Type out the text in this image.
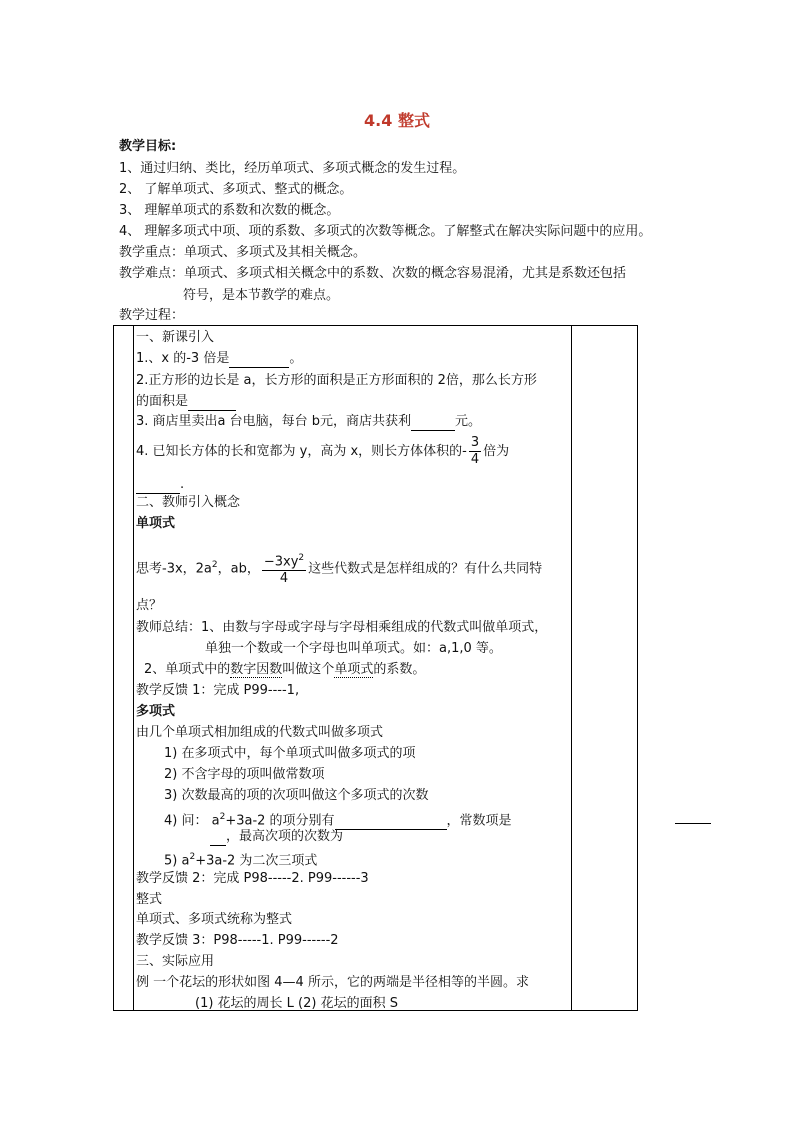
4.4 整式
教学目标:
1、通过归纳、类比，经历单项式、多项式概念的发生过程。
2、 了解单项式、多项式、整式的概念。
3、 理解单项式的系数和次数的概念。
4、 理解多项式中项、项的系数、多项式的次数等概念。了解整式在解决实际问题中的应用。
教学重点：单项式、多项式及其相关概念。
教学难点：单项式、多项式相关概念中的系数、次数的概念容易混淆，尤其是系数还包括
符号，是本节教学的难点。
教学过程：
一、新课引入
1.、x 的-3 倍是	。
2.正方形的边长是 a，长方形的面积是正方形面积的 2倍，那么长方形
的面积是
3. 商店里卖出a 台电脑，每台 b元，商店共获利	元。
4. 已知长方体的长和宽都为 y，高为 x，则长方体体积的- $\frac{3}{4}$ 倍为
.
二、教师引入概念
单项式
思考-3x，$2a^2$，ab， $\frac{-3xy^2}{4}$ 这些代数式是怎样组成的？有什么共同特
点？
教师总结：1、由数与字母或字母与字母相乘组成的代数式叫做单项式，
单独一个数或一个字母也叫单项式。如：a,1,0 等。
2、单项式中的数字因数叫做这个单项式的系数。
教学反馈 1：完成 P99----1,
多项式
由几个单项式相加组成的代数式叫做多项式
1) 在多项式中，每个单项式叫做多项式的项
2) 不含字母的项叫做常数项
3) 次数最高的项的次项叫做这个多项式的次数
4) 问： $a^2+3a-2$ 的项分别有	，常数项是
，最高次项的次数为
5) $a^2+3a-2$ 为二次三项式
教学反馈 2：完成 P98-----2. P99------3
整式
单项式、多项式统称为整式
教学反馈 3：P98-----1. P99------2
三、实际应用
例 一个花坛的形状如图 4—4 所示，它的两端是半径相等的半圆。求
(1) 花坛的周长 L (2) 花坛的面积 S
